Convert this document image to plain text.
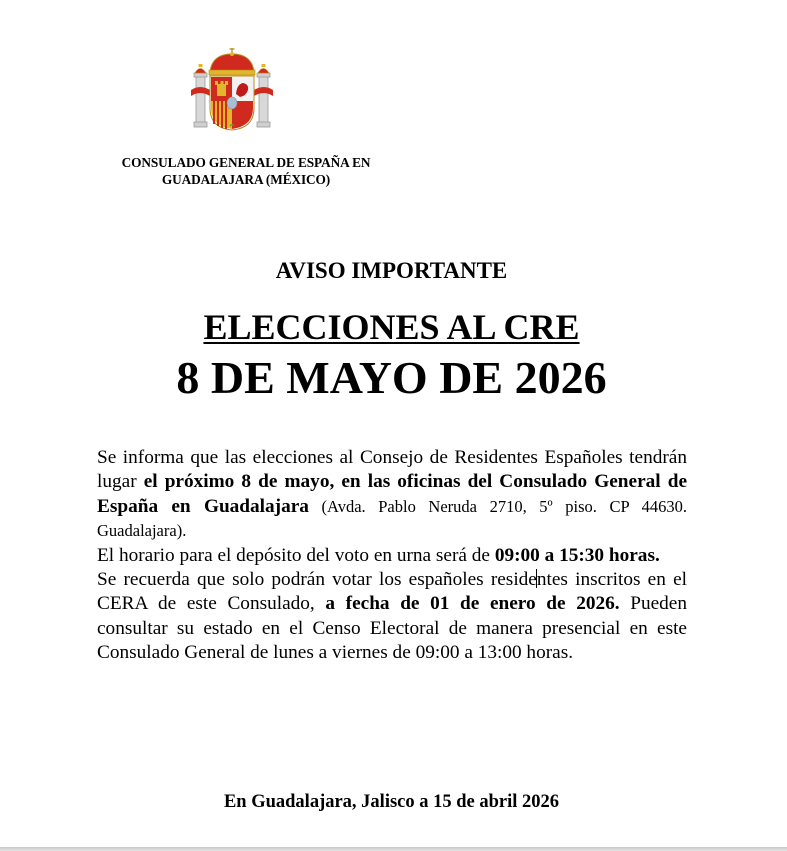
CONSULADO GENERAL DE ESPAÑA EN
GUADALAJARA (MÉXICO)
AVISO IMPORTANTE
ELECCIONES AL CRE
8 DE MAYO DE 2026

Se informa que las elecciones al Consejo de Residentes Españoles tendrán lugar el próximo 8 de mayo, en las oficinas del Consulado General de España en Guadalajara (Avda. Pablo Neruda 2710, 5º piso. CP 44630. Guadalajara).

El horario para el depósito del voto en urna será de 09:00 a 15:30 horas.

Se recuerda que solo podrán votar los españoles residentes inscritos en el CERA de este Consulado, a fecha de 01 de enero de 2026. Pueden consultar su estado en el Censo Electoral de manera presencial en este Consulado General de lunes a viernes de 09:00 a 13:00 horas.

En Guadalajara, Jalisco a 15 de abril 2026
